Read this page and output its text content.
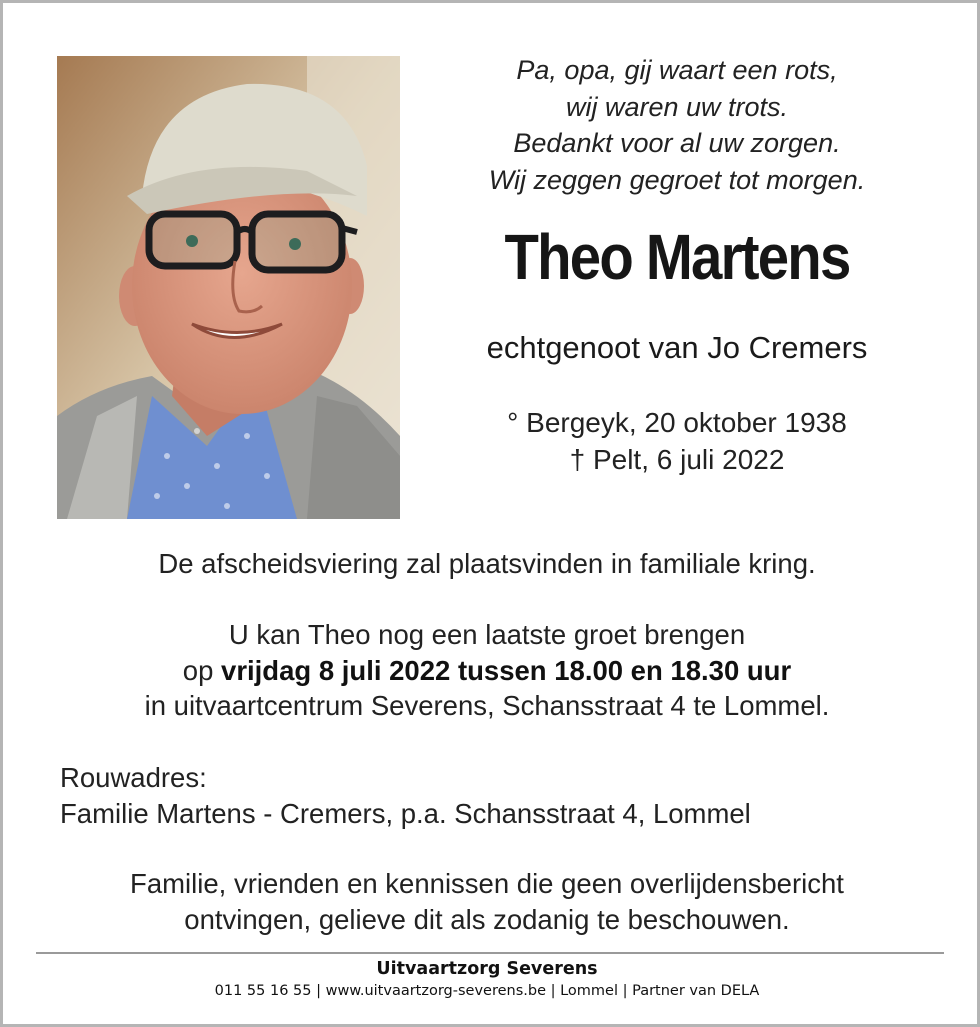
Pa, opa, gij waart een rots,
wij waren uw trots.
Bedankt voor al uw zorgen.
Wij zeggen gegroet tot morgen.
Theo Martens
echtgenoot van Jo Cremers
° Bergeyk, 20 oktober 1938
† Pelt, 6 juli 2022
De afscheidsviering zal plaatsvinden in familiale kring.
U kan Theo nog een laatste groet brengen
op vrijdag 8 juli 2022 tussen 18.00 en 18.30 uur
in uitvaartcentrum Severens, Schansstraat 4 te Lommel.
Rouwadres:
Familie Martens - Cremers, p.a. Schansstraat 4, Lommel
Familie, vrienden en kennissen die geen overlijdensbericht
ontvingen, gelieve dit als zodanig te beschouwen.
Uitvaartzorg Severens
011 55 16 55 | www.uitvaartzorg-severens.be | Lommel | Partner van DELA
